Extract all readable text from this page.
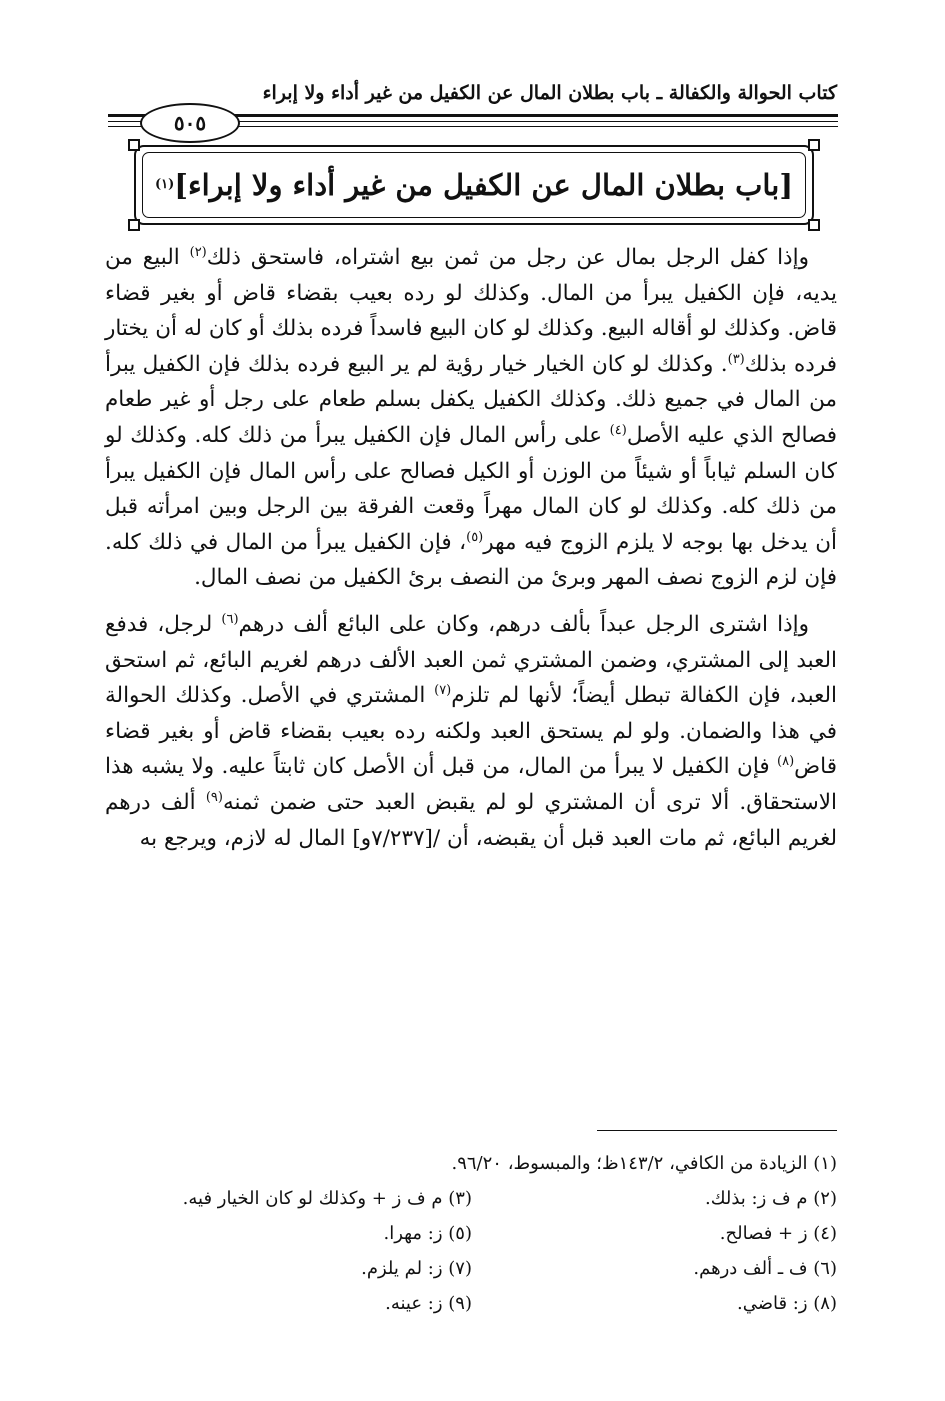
كتاب الحوالة والكفالة ـ باب بطلان المال عن الكفيل من غير أداء ولا إبراء
٥٠٥
[باب بطلان المال عن الكفيل من غير أداء ولا إبراء]
(١)

وإذا كفل الرجل بمال عن رجل من ثمن بيع اشتراه، فاستحق ذلك$^{(٢)}$ البيع من يديه، فإن الكفيل يبرأ من المال. وكذلك لو رده بعيب بقضاء قاض أو بغير قضاء قاض. وكذلك لو أقاله البيع. وكذلك لو كان البيع فاسداً فرده بذلك أو كان له أن يختار فرده بذلك$^{(٣)}$. وكذلك لو كان الخيار خيار رؤية لم ير البيع فرده بذلك فإن الكفيل يبرأ من المال في جميع ذلك. وكذلك الكفيل يكفل بسلم طعام على رجل أو غير طعام فصالح الذي عليه الأصل$^{(٤)}$ على رأس المال فإن الكفيل يبرأ من ذلك كله. وكذلك لو كان السلم ثياباً أو شيئاً من الوزن أو الكيل فصالح على رأس المال فإن الكفيل يبرأ من ذلك كله. وكذلك لو كان المال مهراً وقعت الفرقة بين الرجل وبين امرأته قبل أن يدخل بها بوجه لا يلزم الزوج فيه مهر$^{(٥)}$، فإن الكفيل يبرأ من المال في ذلك كله. فإن لزم الزوج نصف المهر وبرئ من النصف برئ الكفيل من نصف المال.

وإذا اشترى الرجل عبداً بألف درهم، وكان على البائع ألف درهم$^{(٦)}$ لرجل، فدفع العبد إلى المشتري، وضمن المشتري ثمن العبد الألف درهم لغريم البائع، ثم استحق العبد، فإن الكفالة تبطل أيضاً؛ لأنها لم تلزم$^{(٧)}$ المشتري في الأصل. وكذلك الحوالة في هذا والضمان. ولو لم يستحق العبد ولكنه رده بعيب بقضاء قاض أو بغير قضاء قاض$^{(٨)}$ فإن الكفيل لا يبرأ من المال، من قبل أن الأصل كان ثابتاً عليه. ولا يشبه هذا الاستحقاق. ألا ترى أن المشتري لو لم يقبض العبد حتى ضمن ثمنه$^{(٩)}$ ألف درهم لغريم البائع، ثم مات العبد قبل أن يقبضه، أن /[٧/٢٣٧و] المال له لازم، ويرجع به

(١) الزيادة من الكافي، ١٤٣/٢ظ؛ والمبسوط، ٩٦/٢٠.
(٢) م ف ز: بذلك.
(٣) م ف ز + وكذلك لو كان الخيار فيه.
(٤) ز + فصالح.
(٥) ز: مهرا.
(٦) ف ـ ألف درهم.
(٧) ز: لم يلزم.
(٨) ز: قاضي.
(٩) ز: عينه.
